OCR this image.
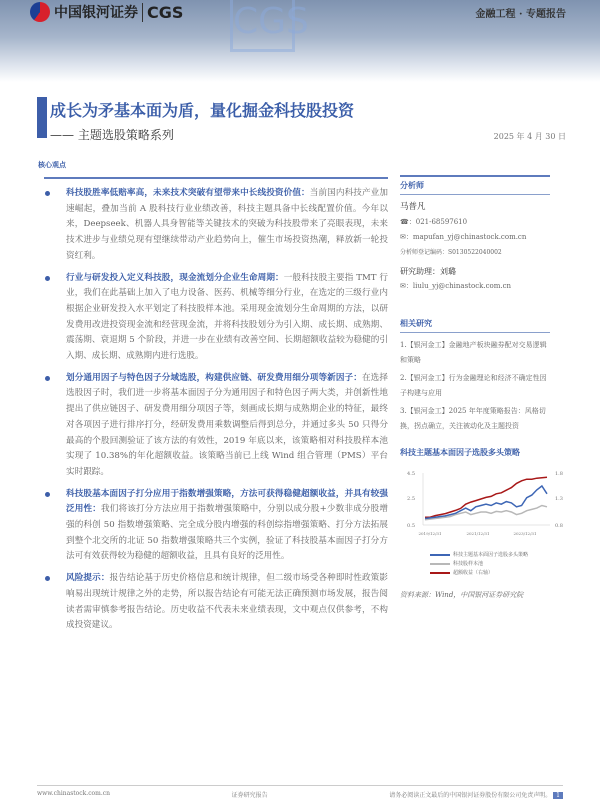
CGS
中国银河证券 CGS	金融工程 · 专题报告
成长为矛基本面为盾，量化掘金科技股投资
—— 主题选股策略系列	2025 年 4 月 30 日
核心观点
科技股胜率低赔率高，未来技术突破有望带来中长线投资价值：当前国内科技产业加速崛起，叠加当前 A 股科技行业业绩改善，科技主题具备中长线配置价值。今年以来，Deepseek、机器人具身智能等关键技术的突破为科技股带来了亮眼表现，未来技术进步与业绩兑现有望继续带动产业趋势向上，催生市场投资热潮，释放新一轮投资红利。
行业与研发投入定义科技股，现金流划分企业生命周期：一般科技股主要指 TMT 行业，我们在此基础上加入了电力设备、医药、机械等细分行业，在选定的三级行业内根据企业研发投入水平划定了科技股样本池。采用现金流划分生命周期的方法，以研发费用改进投资现金流和经营现金流，并将科技股划分为引入期、成长期、成熟期、震荡期、衰退期 5 个阶段，并进一步在业绩有改善空间、长期超额收益较为稳健的引入期、成长期、成熟期内进行选股。
划分通用因子与特色因子分域选股，构建供应链、研发费用细分项等新因子：在选择选股因子时，我们进一步将基本面因子分为通用因子和特色因子两大类，并创新性地提出了供应链因子、研发费用细分项因子等，刻画成长期与成熟期企业的特征，最终对各项因子进行排序打分，经研发费用乘数调整后得到总分，并通过多头 50 只得分最高的个股回测验证了该方法的有效性，2019 年底以来，该策略相对科技股样本池实现了 10.38%的年化超额收益。该策略当前已上线 Wind 组合管理（PMS）平台实时跟踪。
科技股基本面因子打分应用于指数增强策略，方法可获得稳健超额收益，并具有较强泛用性：我们将该打分方法应用于指数增强策略中，分别以成分股+少数非成分股增强的科创 50 指数增强策略、完全成分股内增强的科创综指增强策略、打分方法拓展到整个北交所的北证 50 指数增强策略共三个实例，验证了科技股基本面因子打分方法可有效获得较为稳健的超额收益，且具有良好的泛用性。
风险提示：报告结论基于历史价格信息和统计规律，但二级市场受各种即时性政策影响易出现统计规律之外的走势，所以报告结论有可能无法正确预测市场发展，报告阅读者需审慎参考报告结论。历史收益不代表未来业绩表现，文中观点仅供参考，不构成投资建议。
分析师
马普凡
☎：021-68597610
✉：mapufan_yj@chinastock.com.cn
分析师登记编码：S0130522040002
研究助理：刘璐
✉：liulu_yj@chinastock.com.cn
相关研究
1.【银河金工】金融地产板块融券配对交易逻辑和策略
2.【银河金工】行为金融理论和经济不确定性因子构建与应用
3.【银河金工】2025 年年度策略报告：风格切换，拐点确立，关注被动化及主题投资
科技主题基本面因子选股多头策略
4.5
2.5
0.5
1.8
1.3
0.8
2019/12/31	2021/12/31	2023/12/31
科技主题基本面因子选股多头策略
科技股样本池
超额收益（右轴）
资料来源：Wind，中国银河证券研究院
www.chinastock.com.cn	证券研究报告	请务必阅读正文最后的中国银河证券股份有限公司免责声明。 1
